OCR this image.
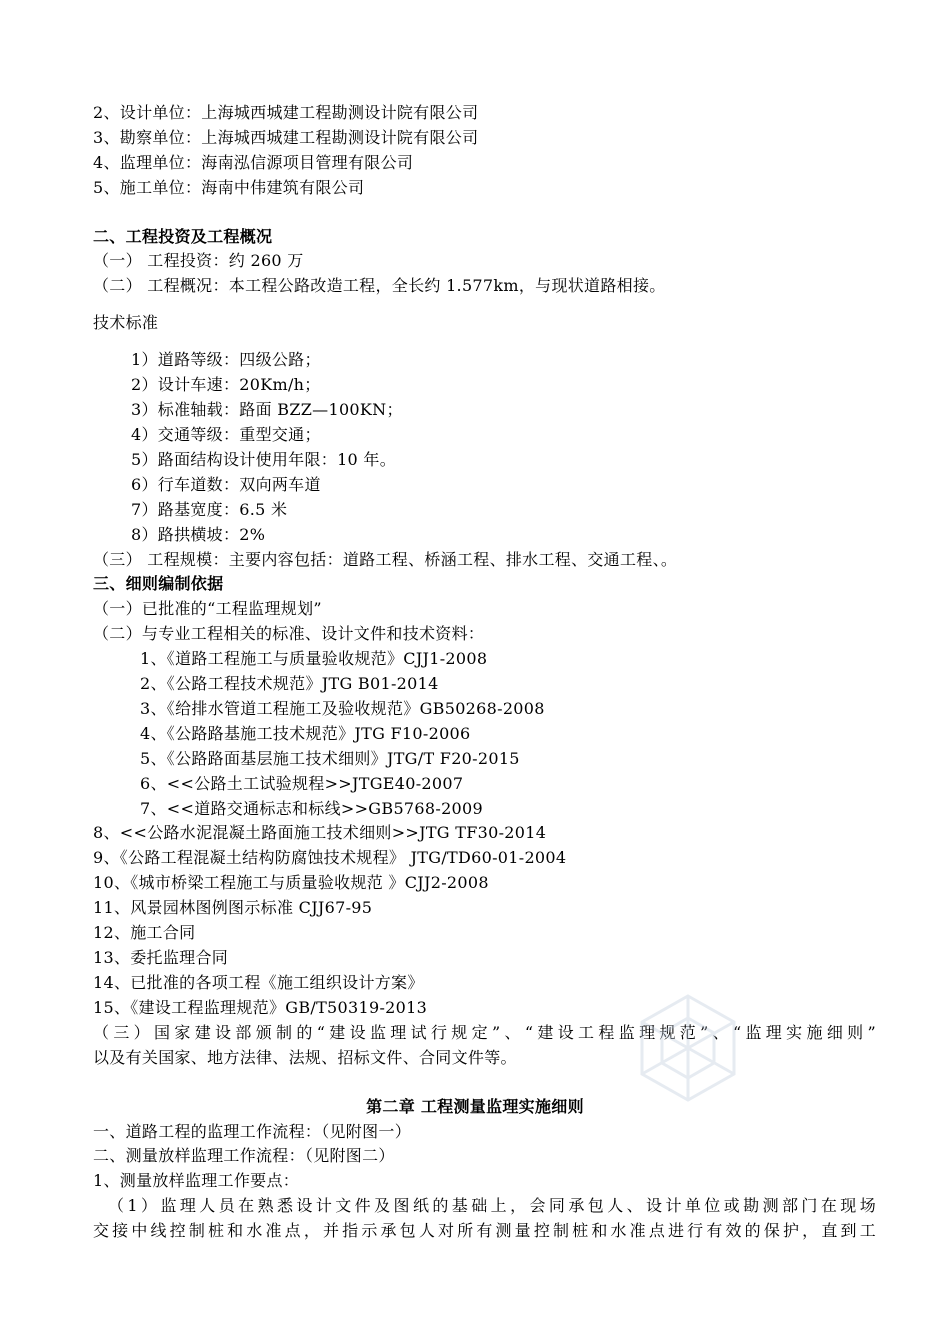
2、设计单位：上海城西城建工程勘测设计院有限公司
3、勘察单位：上海城西城建工程勘测设计院有限公司
4、监理单位：海南泓信源项目管理有限公司
5、施工单位：海南中伟建筑有限公司
二、工程投资及工程概况
（一） 工程投资：约 260 万
（二） 工程概况：本工程公路改造工程，全长约 1.577km，与现状道路相接。
技术标准
1）道路等级：四级公路；
2）设计车速：20Km/h；
3）标准轴载：路面 BZZ—100KN；
4）交通等级：重型交通；
5）路面结构设计使用年限：10 年。
6）行车道数：双向两车道
7）路基宽度：6.5 米
8）路拱横坡：2%
（三） 工程规模：主要内容包括：道路工程、桥涵工程、排水工程、交通工程、。
三、细则编制依据
（一）已批准的“工程监理规划”
（二）与专业工程相关的标准、设计文件和技术资料：
1、《道路工程施工与质量验收规范》CJJ1-2008
2、《公路工程技术规范》JTG B01-2014
3、《给排水管道工程施工及验收规范》GB50268-2008
4、《公路路基施工技术规范》JTG F10-2006
5、《公路路面基层施工技术细则》JTG/T F20-2015
6、<<公路土工试验规程>>JTGE40-2007
7、<<道路交通标志和标线>>GB5768-2009
8、<<公路水泥混凝土路面施工技术细则>>JTG TF30-2014
9、《公路工程混凝土结构防腐蚀技术规程》 JTG/TD60-01-2004
10、《城市桥梁工程施工与质量验收规范 》CJJ2-2008
11、风景园林图例图示标准 CJJ67-95
12、施工合同
13、委托监理合同
14、已批准的各项工程《施工组织设计方案》
15、《建设工程监理规范》GB/T50319-2013
（三）国家建设部颁制的“建设监理试行规定”、“建设工程监理规范”、“监理实施细则”
以及有关国家、地方法律、法规、招标文件、合同文件等。
第二章 工程测量监理实施细则
一、道路工程的监理工作流程：（见附图一）
二、测量放样监理工作流程：（见附图二）
1、测量放样监理工作要点：
（1）监理人员在熟悉设计文件及图纸的基础上，会同承包人、设计单位或勘测部门在现场
交接中线控制桩和水准点，并指示承包人对所有测量控制桩和水准点进行有效的保护，直到工
